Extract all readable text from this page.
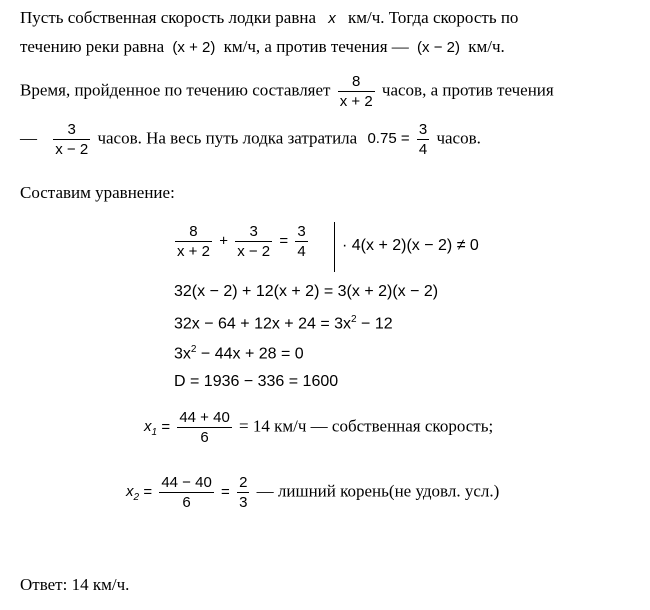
Пусть собственная скорость лодки равна x км/ч. Тогда скорость по
течению реки равна (x + 2) км/ч, а против течения — (x − 2) км/ч.
Время, пройденное по течению составляет $\frac{8}{x + 2}$ часов, а против течения
— $\frac{3}{x - 2}$ часов. На весь путь лодка затратила $0.75 = \frac{3}{4}$ часов.
Составим уравнение:
$\frac{8}{x + 2} + \frac{3}{x - 2} = \frac{3}{4} \cdot 4(x + 2)(x - 2) \ne 0$
32(x − 2) + 12(x + 2) = 3(x + 2)(x − 2)
$32x - 64 + 12x + 24 = 3x^2 - 12$
$3x^2 - 44x + 28 = 0$
D = 1936 − 336 = 1600
$x_1 = \frac{44 + 40}{6} = 14$ км/ч — собственная скорость;
$x_2 = \frac{44 - 40}{6} = \frac{2}{3}$ — лишний корень(не удовл. усл.)
Ответ: 14 км/ч.
